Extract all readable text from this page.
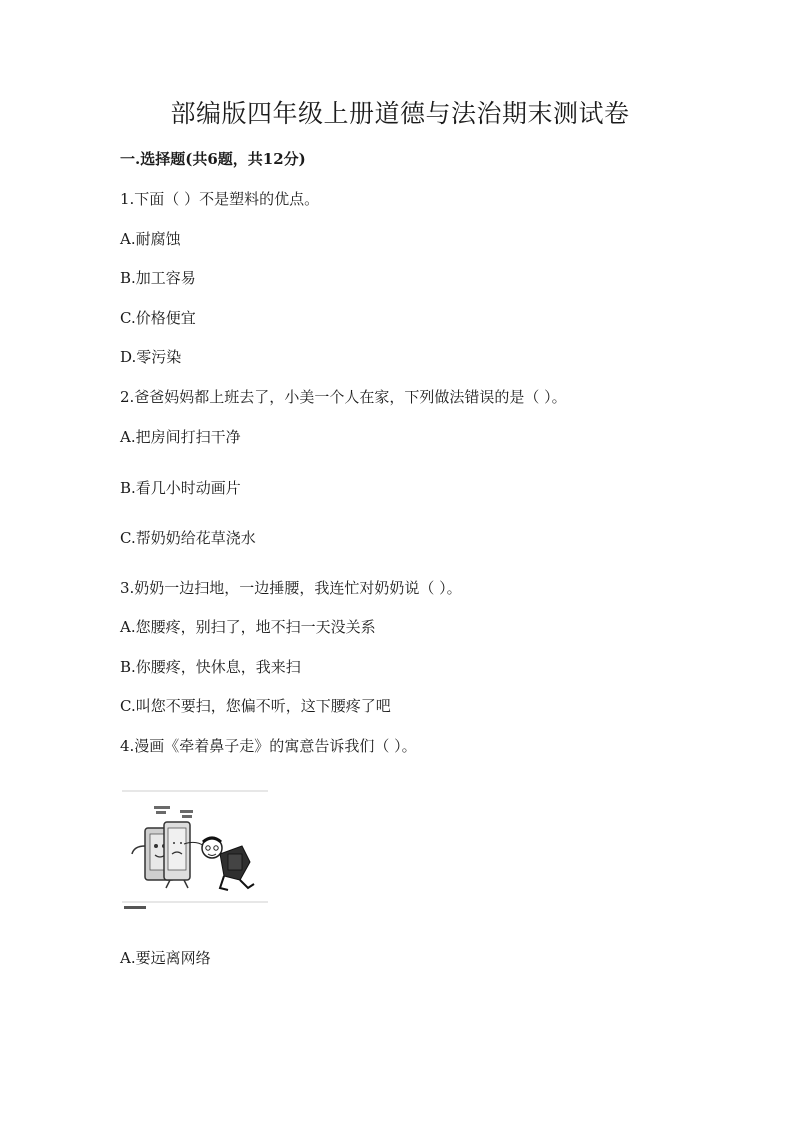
部编版四年级上册道德与法治期末测试卷
一.选择题(共6题，共12分)
1.下面（ ）不是塑料的优点。
A.耐腐蚀
B.加工容易
C.价格便宜
D.零污染
2.爸爸妈妈都上班去了，小美一个人在家，下列做法错误的是（ ）。
A.把房间打扫干净
B.看几小时动画片
C.帮奶奶给花草浇水
3.奶奶一边扫地，一边捶腰，我连忙对奶奶说（ ）。
A.您腰疼，别扫了，地不扫一天没关系
B.你腰疼，快休息，我来扫
C.叫您不要扫，您偏不听，这下腰疼了吧
4.漫画《牵着鼻子走》的寓意告诉我们（ ）。
A.要远离网络
